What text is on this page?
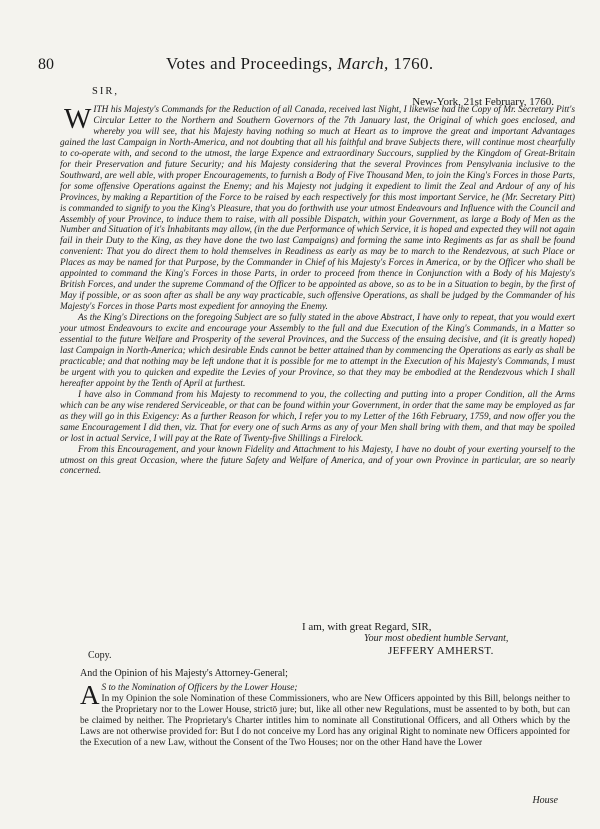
80	Votes and Proceedings, March, 1760.
SIR,
New-York, 21st February, 1760.

WITH his Majesty's Commands for the Reduction of all Canada, received last Night, I likewise had the Copy of Mr. Secretary Pitt's Circular Letter to the Northern and Southern Governors of the 7th January last, the Original of which goes enclosed, and whereby you will see, that his Majesty having nothing so much at Heart as to improve the great and important Advantages gained the last Campaign in North-America, and not doubting that all his faithful and brave Subjects there, will continue most chearfully to co-operate with, and second to the utmost, the large Expence and extraordinary Succours, supplied by the Kingdom of Great-Britain for their Preservation and future Security; and his Majesty considering that the several Provinces from Pensylvania inclusive to the Southward, are well able, with proper Encouragements, to furnish a Body of Five Thousand Men, to join the King's Forces in those Parts, for some offensive Operations against the Enemy; and his Majesty not judging it expedient to limit the Zeal and Ardour of any of his Provinces, by making a Repartition of the Force to be raised by each respectively for this most important Service, he (Mr. Secretary Pitt) is commanded to signify to you the King's Pleasure, that you do forthwith use your utmost Endeavours and Influence with the Council and Assembly of your Province, to induce them to raise, with all possible Dispatch, within your Government, as large a Body of Men as the Number and Situation of it's Inhabitants may allow, (in the due Performance of which Service, it is hoped and expected they will not again fail in their Duty to the King, as they have done the two last Campaigns) and forming the same into Regiments as far as shall be found convenient: That you do direct them to hold themselves in Readiness as early as may be to march to the Rendezvous, at such Place or Places as may be named for that Purpose, by the Commander in Chief of his Majesty's Forces in America, or by the Officer who shall be appointed to command the King's Forces in those Parts, in order to proceed from thence in Conjunction with a Body of his Majesty's British Forces, and under the supreme Command of the Officer to be appointed as above, so as to be in a Situation to begin, by the first of May if possible, or as soon after as shall be any way practicable, such offensive Operations, as shall be judged by the Commander of his Majesty's Forces in those Parts most expedient for annoying the Enemy.

As the King's Directions on the foregoing Subject are so fully stated in the above Abstract, I have only to repeat, that you would exert your utmost Endeavours to excite and encourage your Assembly to the full and due Execution of the King's Commands, in a Matter so essential to the future Welfare and Prosperity of the several Provinces, and the Success of the ensuing decisive, and (it is greatly hoped) last Campaign in North-America; which desirable Ends cannot be better attained than by commencing the Operations as early as shall be practicable; and that nothing may be left undone that it is possible for me to attempt in the Execution of his Majesty's Commands, I must be urgent with you to quicken and expedite the Levies of your Province, so that they may be embodied at the Rendezvous which I shall hereafter appoint by the Tenth of April at furthest.

I have also in Command from his Majesty to recommend to you, the collecting and putting into a proper Condition, all the Arms which can be any wise rendered Serviceable, or that can be found within your Government, in order that the same may be employed as far as they will go in this Exigency: As a further Reason for which, I refer you to my Letter of the 16th February, 1759, and now offer you the same Encouragement I did then, viz. That for every one of such Arms as any of your Men shall bring with them, and that may be spoiled or lost in actual Service, I will pay at the Rate of Twenty-five Shillings a Firelock.

From this Encouragement, and your known Fidelity and Attachment to his Majesty, I have no doubt of your exerting yourself to the utmost on this great Occasion, where the future Safety and Welfare of America, and of your own Province in particular, are so nearly concerned.

I am, with great Regard, SIR,
Your most obedient humble Servant,
JEFFERY AMHERST.
Copy.
And the Opinion of his Majesty's Attorney-General;

A S to the Nomination of Officers by the Lower House;

In my Opinion the sole Nomination of these Commissioners, who are New Officers appointed by this Bill, belongs neither to the Proprietary nor to the Lower House, strictō jure; but, like all other new Regulations, must be assented to by both, but can be claimed by neither. The Proprietary's Charter intitles him to nominate all Constitutional Officers, and all Others which by the Laws are not otherwise provided for: But I do not conceive my Lord has any original Right to nominate new Officers appointed for the Execution of a new Law, without the Consent of the Two Houses; nor on the other Hand have the Lower

House
